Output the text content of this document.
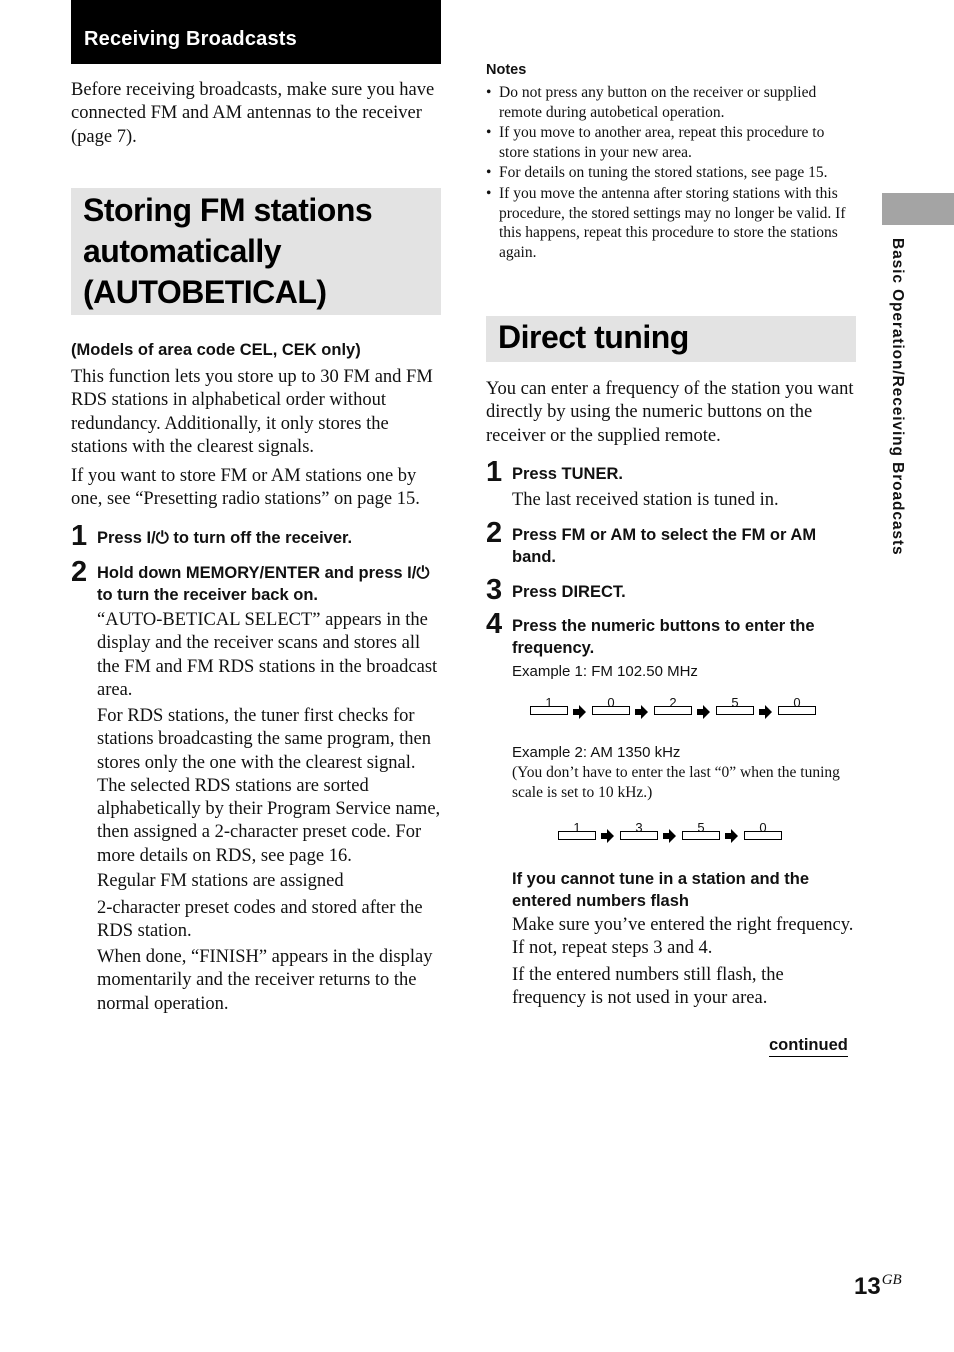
Receiving Broadcasts
Before receiving broadcasts, make sure you have connected FM and AM antennas to the receiver (page 7).
Storing FM stations
automatically
(AUTOBETICAL)
(Models of area code CEL, CEK only)
This function lets you store up to 30 FM and FM RDS stations in alphabetical order without redundancy. Additionally, it only stores the stations with the clearest signals.
If you want to store FM or AM stations one by one, see “Presetting radio stations” on page 15.
1 Press I/⏻ to turn off the receiver.
2 Hold down MEMORY/ENTER and press I/⏻ to turn the receiver back on.
“AUTO-BETICAL SELECT” appears in the display and the receiver scans and stores all the FM and FM RDS stations in the broadcast area.
For RDS stations, the tuner first checks for stations broadcasting the same program, then stores only the one with the clearest signal. The selected RDS stations are sorted alphabetically by their Program Service name, then assigned a 2-character preset code. For more details on RDS, see page 16.
Regular FM stations are assigned
2-character preset codes and stored after the RDS station.
When done, “FINISH” appears in the display momentarily and the receiver returns to the normal operation.
Notes
• Do not press any button on the receiver or supplied remote during autobetical operation.
• If you move to another area, repeat this procedure to store stations in your new area.
• For details on tuning the stored stations, see page 15.
• If you move the antenna after storing stations with this procedure, the stored settings may no longer be valid. If this happens, repeat this procedure to store the stations again.
Direct tuning
You can enter a frequency of the station you want directly by using the numeric buttons on the receiver or the supplied remote.
1 Press TUNER.
The last received station is tuned in.
2 Press FM or AM to select the FM or AM band.
3 Press DIRECT.
4 Press the numeric buttons to enter the frequency.
Example 1: FM 102.50 MHz
1	0	2	5	0
Example 2: AM 1350 kHz
(You don’t have to enter the last “0” when the tuning scale is set to 10 kHz.)
1	3	5	0
If you cannot tune in a station and the entered numbers flash
Make sure you’ve entered the right frequency. If not, repeat steps 3 and 4.
If the entered numbers still flash, the frequency is not used in your area.
continued
Basic Operation/Receiving Broadcasts
$13^{GB}$
